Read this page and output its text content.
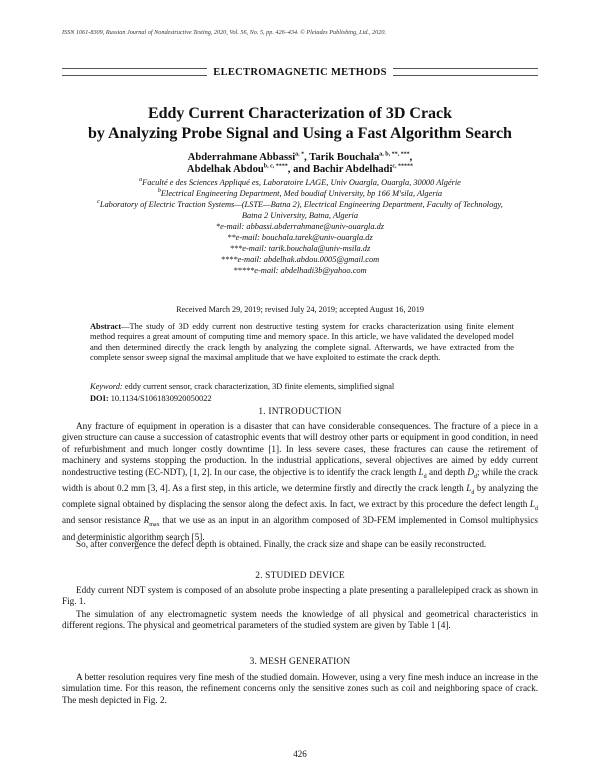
ISSN 1061-8309, Russian Journal of Nondestructive Testing, 2020, Vol. 56, No. 5, pp. 426–434. © Pleiades Publishing, Ltd., 2020.
ELECTROMAGNETIC METHODS
Eddy Current Characterization of 3D Crack
by Analyzing Probe Signal and Using a Fast Algorithm Search
Abderrahmane Abbassi$^{a, *}$, Tarik Bouchala$^{a, b, **, ***}$,
Abdelhak Abdou$^{b, c, ****}$, and Bachir Abdelhadi$^{c, *****}$
$^a$Faculté e des Sciences Appliqué es, Laboratoire LAGE, Univ Ouargla, Ouargla, 30000 Algérie
$^b$Electrical Engineering Department, Med boudiaf University, bp 166 M'sila, Algeria
$^c$Laboratory of Electric Traction Systems—(LSTE—Batna 2), Electrical Engineering Department, Faculty of Technology,
Batna 2 University, Batna, Algeria
*e-mail: abbassi.abderrahmane@univ-ouargla.dz
**e-mail: bouchala.tarek@univ-ouargla.dz
***e-mail: tarik.bouchala@univ-msila.dz
****e-mail: abdelhak.abdou.0005@gmail.com
*****e-mail: abdelhadi3b@yahoo.com
Received March 29, 2019; revised July 24, 2019; accepted August 16, 2019
Abstract—The study of 3D eddy current non destructive testing system for cracks characterization using finite element method requires a great amount of computing time and memory space. In this article, we have validated the developed model and then determined directly the crack length by analyzing the complete signal. Afterwards, we have extracted from the complete sensor sweep signal the maximal amplitude that we have exploited to estimate the crack depth.
Keyword: eddy current sensor, crack characterization, 3D finite elements, simplified signal
DOI: 10.1134/S1061830920050022
1. INTRODUCTION
Any fracture of equipment in operation is a disaster that can have considerable consequences. The fracture of a piece in a given structure can cause a succession of catastrophic events that will destroy other parts or equipment in good condition, in need of refurbishment and much longer costly downtime [1]. In less severe cases, these fractures can cause the retirement of machinery and systems stopping the production. In the industrial applications, several objectives are aimed by eddy current nondestructive testing (EC-NDT), [1, 2]. In our case, the objective is to identify the crack length $L_d$ and depth $D_d$; while the crack width is about 0.2 mm [3, 4]. As a first step, in this article, we determine firstly and directly the crack length $L_d$ by analyzing the complete signal obtained by displacing the sensor along the defect axis. In fact, we extract by this procedure the defect length $L_d$ and sensor resistance $R_{max}$ that we use as an input in an algorithm composed of 3D-FEM implemented in Comsol multiphysics and deterministic algorithm search [5].
So, after convergence the defect depth is obtained. Finally, the crack size and shape can be easily reconstructed.
2. STUDIED DEVICE
Eddy current NDT system is composed of an absolute probe inspecting a plate presenting a parallelepiped crack as shown in Fig. 1.
The simulation of any electromagnetic system needs the knowledge of all physical and geometrical characteristics in different regions. The physical and geometrical parameters of the studied system are given by Table 1 [4].
3. MESH GENERATION
A better resolution requires very fine mesh of the studied domain. However, using a very fine mesh induce an increase in the simulation time. For this reason, the refinement concerns only the sensitive zones such as coil and neighboring space of crack. The mesh depicted in Fig. 2.
426
